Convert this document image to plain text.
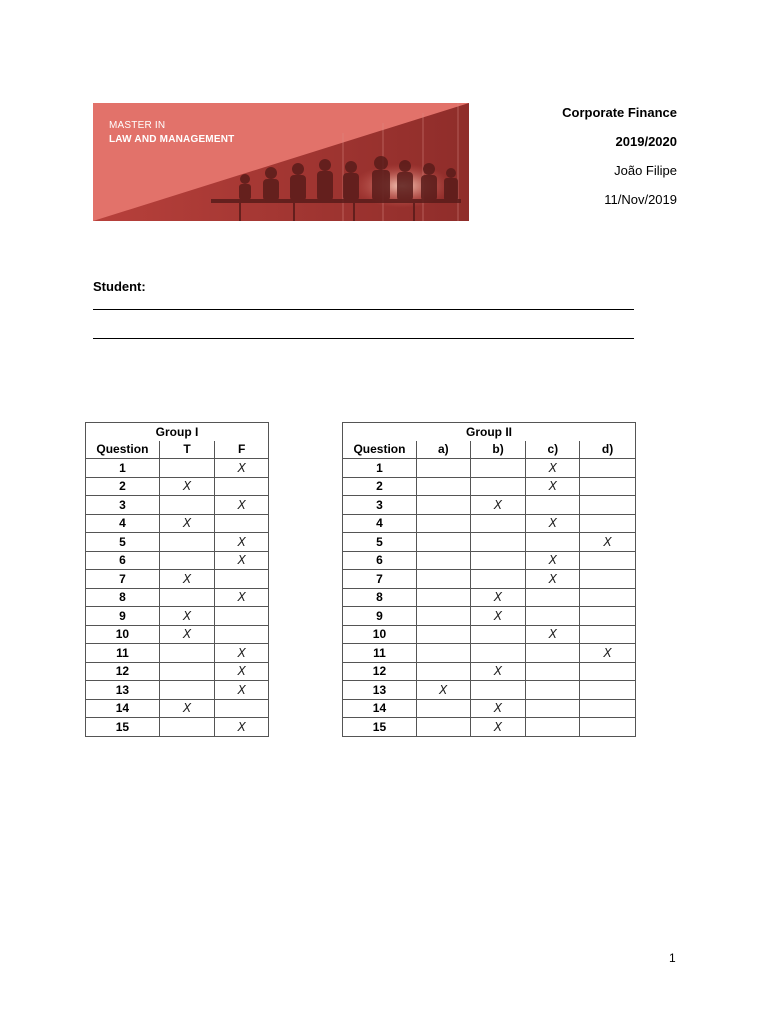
MASTER IN
LAW AND MANAGEMENT
Corporate Finance
2019/2020
João Filipe
11/Nov/2019
Student:
Group I		
Question	T	F
1		X
2	X	
3		X
4	X	
5		X
6		X
7	X	
8		X
9	X	
10	X	
11		X
12		X
13		X
14	X	
15		X
Group II				
Question	a)	b)	c)	d)
1			X	
2			X	
3		X		
4			X	
5				X
6			X	
7			X	
8		X		
9		X		
10			X	
11				X
12		X		
13	X			
14		X		
15		X		
1
